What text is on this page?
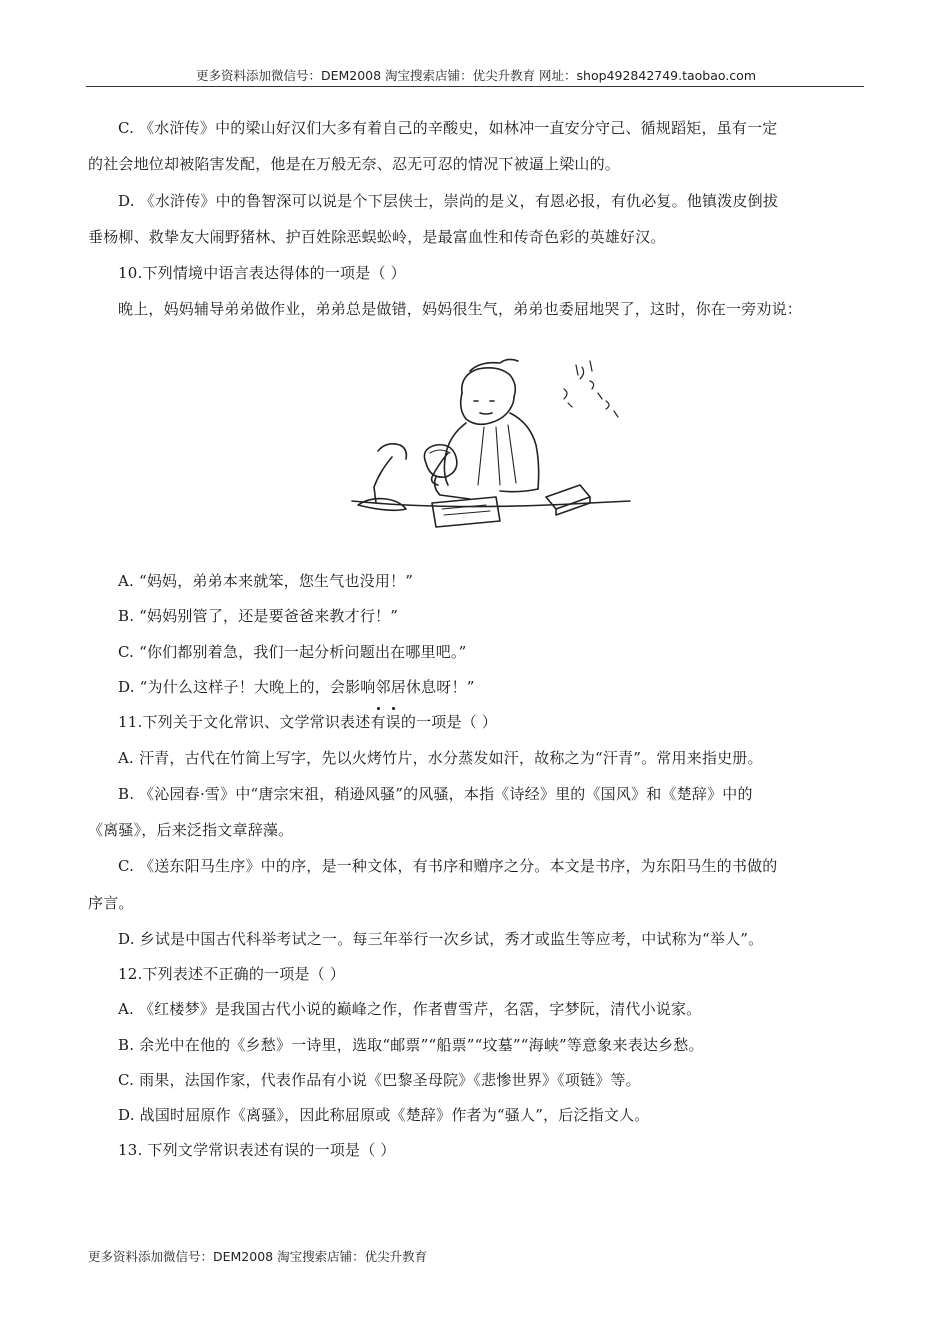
更多资料添加微信号：DEM2008 淘宝搜索店铺：优尖升教育 网址：shop492842749.taobao.com
C. 《水浒传》中的梁山好汉们大多有着自己的辛酸史，如林冲一直安分守己、循规蹈矩，虽有一定
的社会地位却被陷害发配，他是在万般无奈、忍无可忍的情况下被逼上梁山的。
D. 《水浒传》中的鲁智深可以说是个下层侠士，崇尚的是义，有恩必报，有仇必复。他镇泼皮倒拔
垂杨柳、救挚友大闹野猪林、护百姓除恶蜈蚣岭，是最富血性和传奇色彩的英雄好汉。
10.下列情境中语言表达得体的一项是（ ）
晚上，妈妈辅导弟弟做作业，弟弟总是做错，妈妈很生气，弟弟也委屈地哭了，这时，你在一旁劝说：
A. “妈妈，弟弟本来就笨，您生气也没用！”
B. “妈妈别管了，还是要爸爸来教才行！”
C. “你们都别着急，我们一起分析问题出在哪里吧。”
D. “为什么这样子！大晚上的，会影响邻居休息呀！”
11.下列关于文化常识、文学常识表述有误的一项是（ ）
A. 汗青，古代在竹简上写字，先以火烤竹片，水分蒸发如汗，故称之为“汗青”。常用来指史册。
B. 《沁园春·雪》中“唐宗宋祖，稍逊风骚”的风骚，本指《诗经》里的《国风》和《楚辞》中的
《离骚》，后来泛指文章辞藻。
C. 《送东阳马生序》中的序，是一种文体，有书序和赠序之分。本文是书序，为东阳马生的书做的
序言。
D. 乡试是中国古代科举考试之一。每三年举行一次乡试，秀才或监生等应考，中试称为“举人”。
12.下列表述不正确的一项是（ ）
A. 《红楼梦》是我国古代小说的巅峰之作，作者曹雪芹，名霑，字梦阮，清代小说家。
B. 余光中在他的《乡愁》一诗里，选取“邮票”“船票”“坟墓”“海峡”等意象来表达乡愁。
C. 雨果，法国作家，代表作品有小说《巴黎圣母院》《悲惨世界》《项链》等。
D. 战国时屈原作《离骚》，因此称屈原或《楚辞》作者为“骚人”，后泛指文人。
13. 下列文学常识表述有误的一项是（ ）
更多资料添加微信号：DEM2008 淘宝搜索店铺：优尖升教育
